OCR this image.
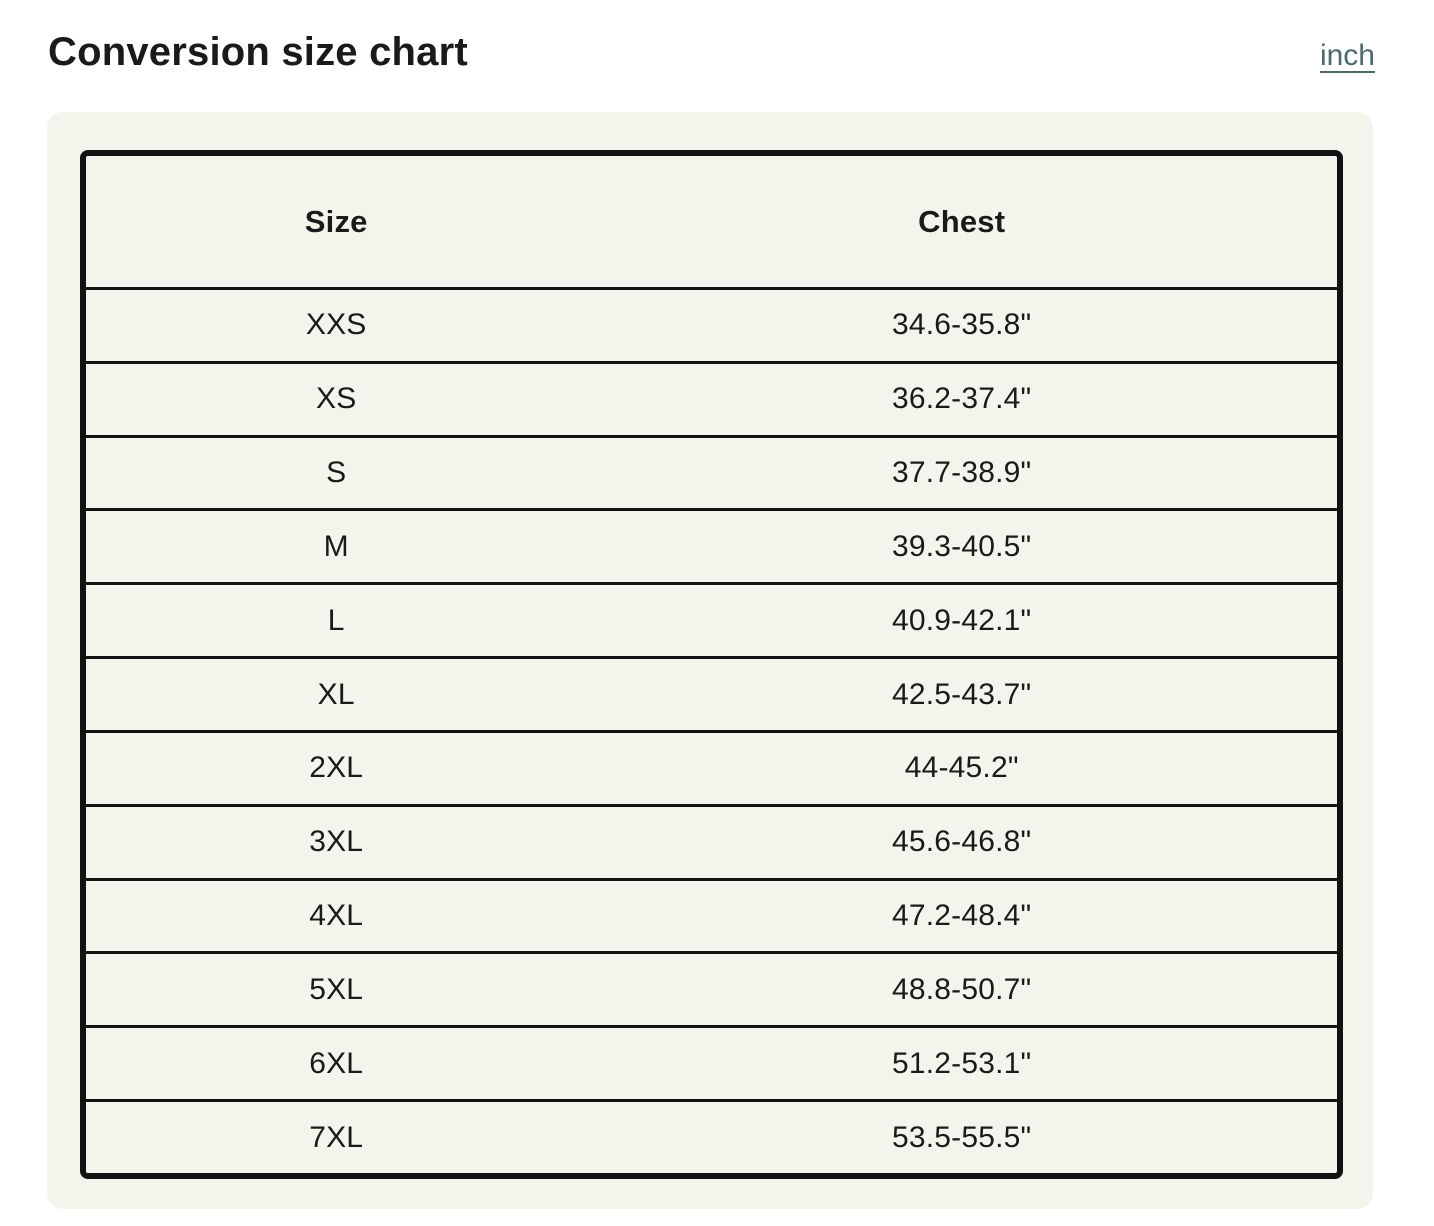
Conversion size chart	inch
Size	Chest
XXS	34.6-35.8"
XS	36.2-37.4"
S	37.7-38.9"
M	39.3-40.5"
L	40.9-42.1"
XL	42.5-43.7"
2XL	44-45.2"
3XL	45.6-46.8"
4XL	47.2-48.4"
5XL	48.8-50.7"
6XL	51.2-53.1"
7XL	53.5-55.5"
